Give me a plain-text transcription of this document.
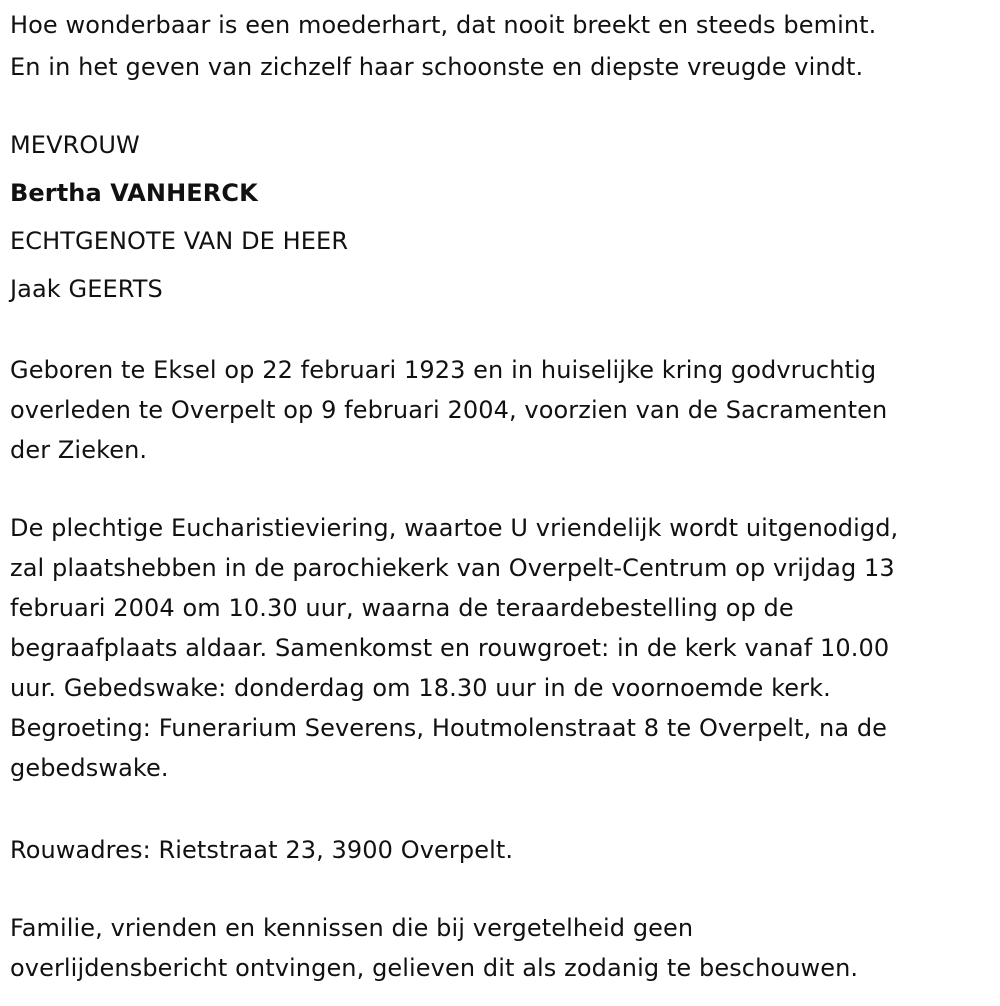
Hoe wonderbaar is een moederhart, dat nooit breekt en steeds bemint.
En in het geven van zichzelf haar schoonste en diepste vreugde vindt.
MEVROUW
Bertha VANHERCK
ECHTGENOTE VAN DE HEER
Jaak GEERTS
Geboren te Eksel op 22 februari 1923 en in huiselijke kring godvruchtig
overleden te Overpelt op 9 februari 2004, voorzien van de Sacramenten
der Zieken.
De plechtige Eucharistieviering, waartoe U vriendelijk wordt uitgenodigd,
zal plaatshebben in de parochiekerk van Overpelt-Centrum op vrijdag 13
februari 2004 om 10.30 uur, waarna de teraardebestelling op de
begraafplaats aldaar. Samenkomst en rouwgroet: in de kerk vanaf 10.00
uur. Gebedswake: donderdag om 18.30 uur in de voornoemde kerk.
Begroeting: Funerarium Severens, Houtmolenstraat 8 te Overpelt, na de
gebedswake.
Rouwadres: Rietstraat 23, 3900 Overpelt.
Familie, vrienden en kennissen die bij vergetelheid geen
overlijdensbericht ontvingen, gelieven dit als zodanig te beschouwen.
